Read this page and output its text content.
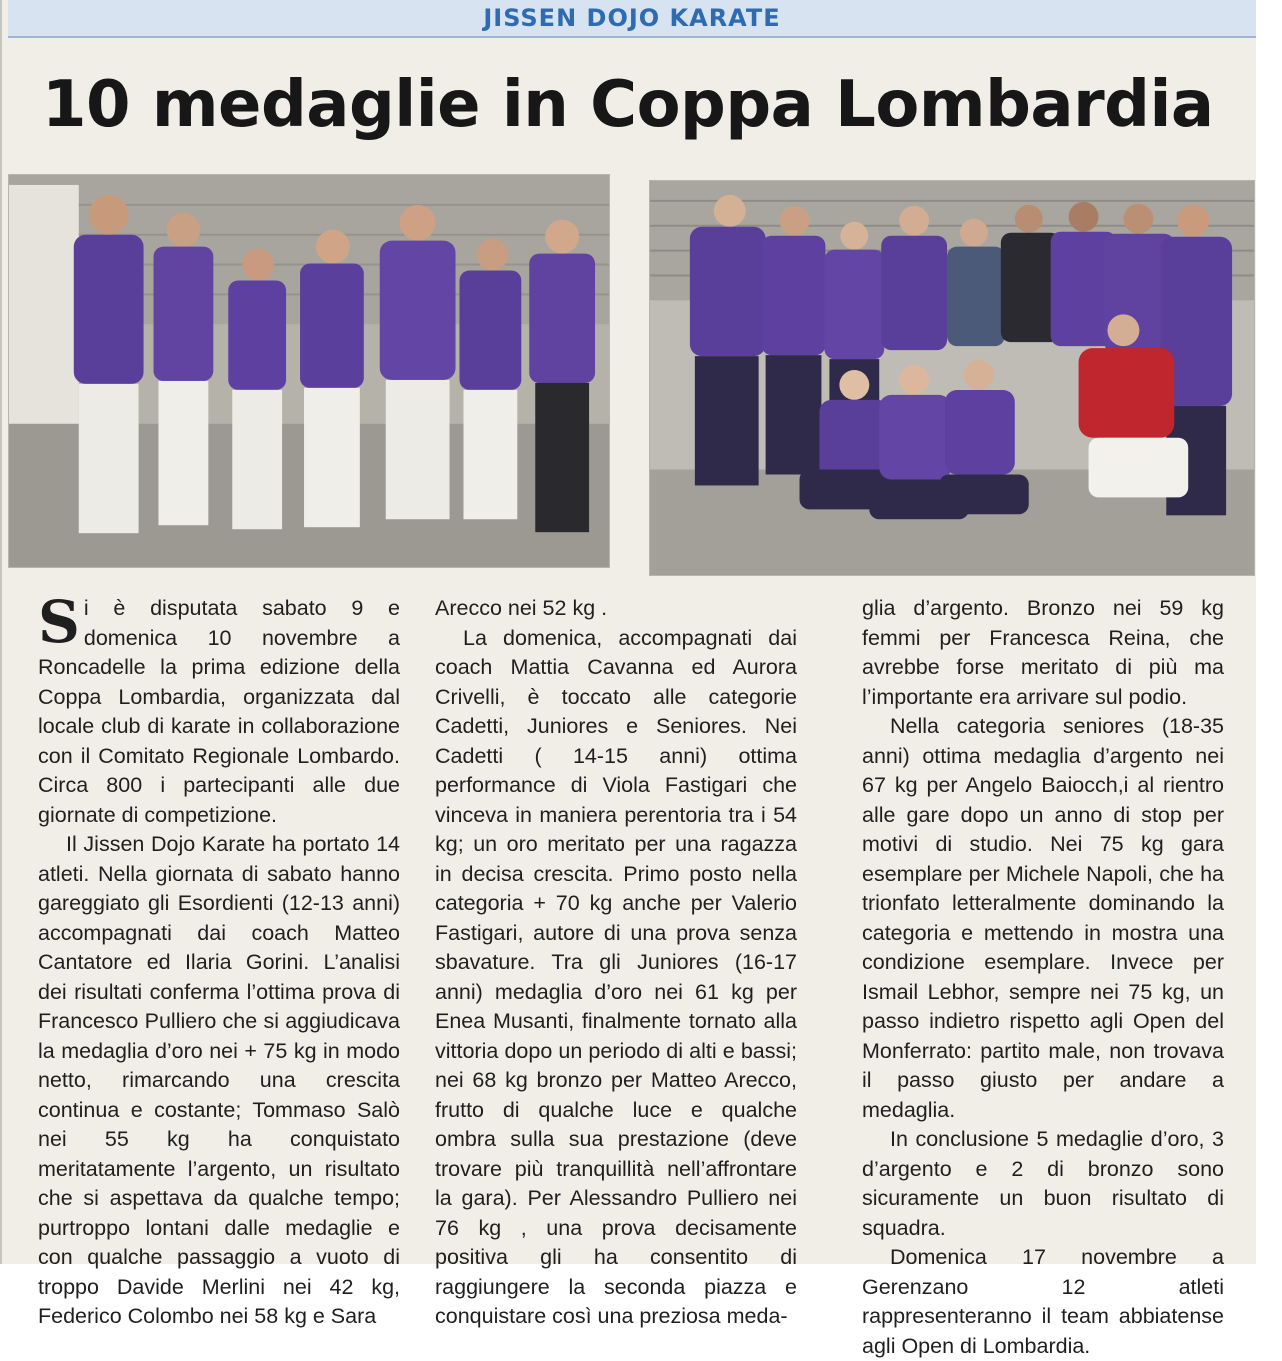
JISSEN DOJO KARATE
10 medaglie in Coppa Lombardia

Si è disputata sabato 9 e domenica 10 novembre a Roncadelle la prima edizione della Coppa Lombardia, organizzata dal locale club di karate in collaborazione con il Comitato Regionale Lombardo. Circa 800 i partecipanti alle due giornate di competizione.

Il Jissen Dojo Karate ha portato 14 atleti. Nella giornata di sabato hanno gareggiato gli Esordienti (12-13 anni) accompagnati dai coach Matteo Cantatore ed Ilaria Gorini. L’analisi dei risultati conferma l’ottima prova di Francesco Pulliero che si aggiudicava la medaglia d’oro nei + 75 kg in modo netto, rimarcando una crescita continua e costante; Tommaso Salò nei 55 kg ha conquistato meritatamente l’argento, un risultato che si aspettava da qualche tempo; purtroppo lontani dalle medaglie e con qualche passaggio a vuoto di troppo Davide Merlini nei 42 kg, Federico Colombo nei 58 kg e Sara

Arecco nei 52 kg .

La domenica, accompagnati dai coach Mattia Cavanna ed Aurora Crivelli, è toccato alle categorie Cadetti, Juniores e Seniores. Nei Cadetti ( 14-15 anni) ottima performance di Viola Fastigari che vinceva in maniera perentoria tra i 54 kg; un oro meritato per una ragazza in decisa crescita. Primo posto nella categoria + 70 kg anche per Valerio Fastigari, autore di una prova senza sbavature. Tra gli Juniores (16-17 anni) medaglia d’oro nei 61 kg per Enea Musanti, finalmente tornato alla vittoria dopo un periodo di alti e bassi; nei 68 kg bronzo per Matteo Arecco, frutto di qualche luce e qualche ombra sulla sua prestazione (deve trovare più tranquillità nell’affrontare la gara). Per Alessandro Pulliero nei 76 kg , una prova decisamente positiva gli ha consentito di raggiungere la seconda piazza e conquistare così una preziosa meda-

glia d’argento. Bronzo nei 59 kg femmi per Francesca Reina, che avrebbe forse meritato di più ma l’importante era arrivare sul podio.

Nella categoria seniores (18-35 anni) ottima medaglia d’argento nei 67 kg per Angelo Baiocch,i al rientro alle gare dopo un anno di stop per motivi di studio. Nei 75 kg gara esemplare per Michele Napoli, che ha trionfato letteralmente dominando la categoria e mettendo in mostra una condizione esemplare. Invece per Ismail Lebhor, sempre nei 75 kg, un passo indietro rispetto agli Open del Monferrato: partito male, non trovava il passo giusto per andare a medaglia.

In conclusione 5 medaglie d’oro, 3 d’argento e 2 di bronzo sono sicuramente un buon risultato di squadra.

Domenica 17 novembre a Gerenzano 12 atleti rappresenteranno il team abbiatense agli Open di Lombardia.
